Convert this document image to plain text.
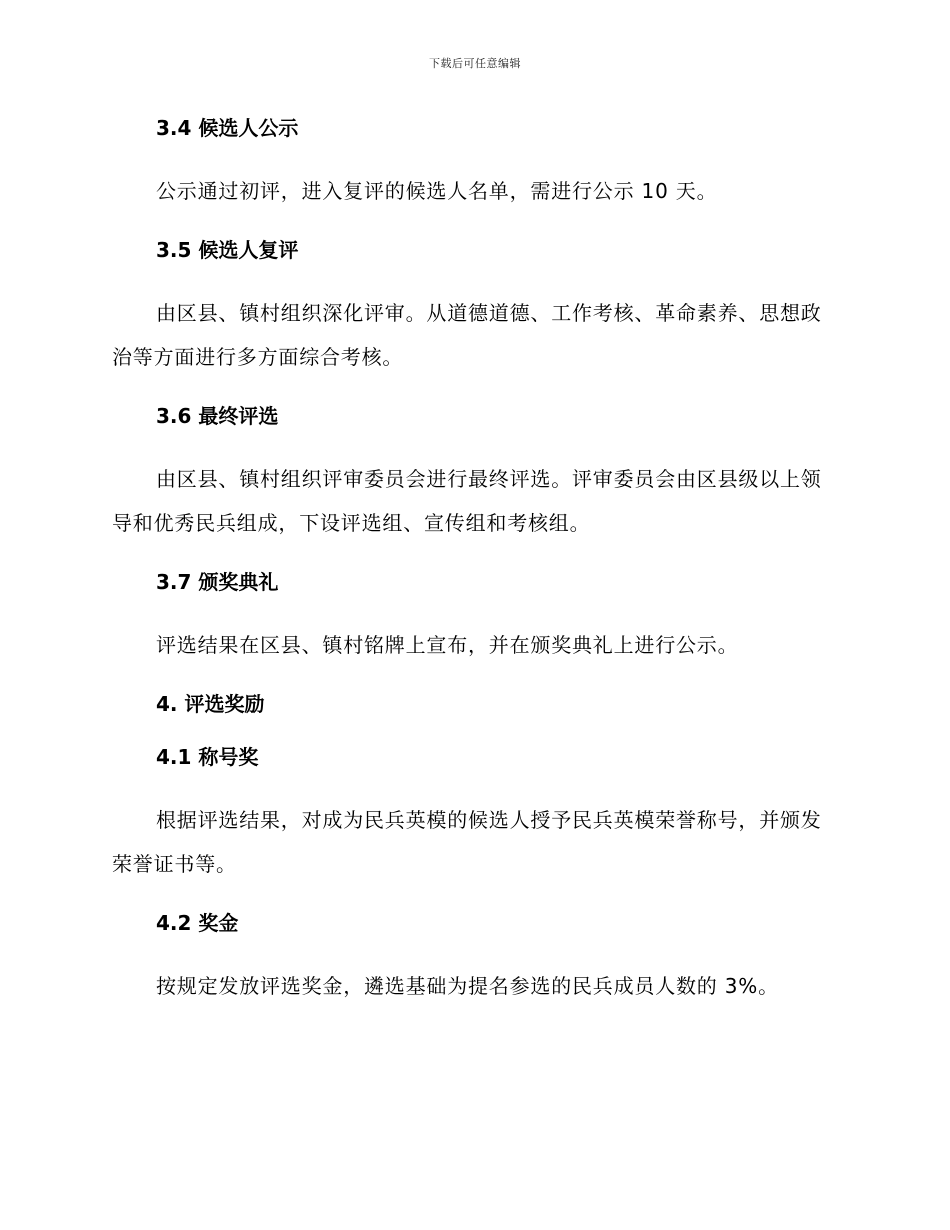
下载后可任意编辑
3.4 候选人公示

公示通过初评，进入复评的候选人名单，需进行公示 10 天。

3.5 候选人复评

由区县、镇村组织深化评审。从道德道德、工作考核、革命素养、思想政治等方面进行多方面综合考核。

3.6 最终评选

由区县、镇村组织评审委员会进行最终评选。评审委员会由区县级以上领导和优秀民兵组成，下设评选组、宣传组和考核组。

3.7 颁奖典礼

评选结果在区县、镇村铭牌上宣布，并在颁奖典礼上进行公示。

4. 评选奖励
4.1 称号奖

根据评选结果，对成为民兵英模的候选人授予民兵英模荣誉称号，并颁发荣誉证书等。

4.2 奖金

按规定发放评选奖金，遴选基础为提名参选的民兵成员人数的 3%。
